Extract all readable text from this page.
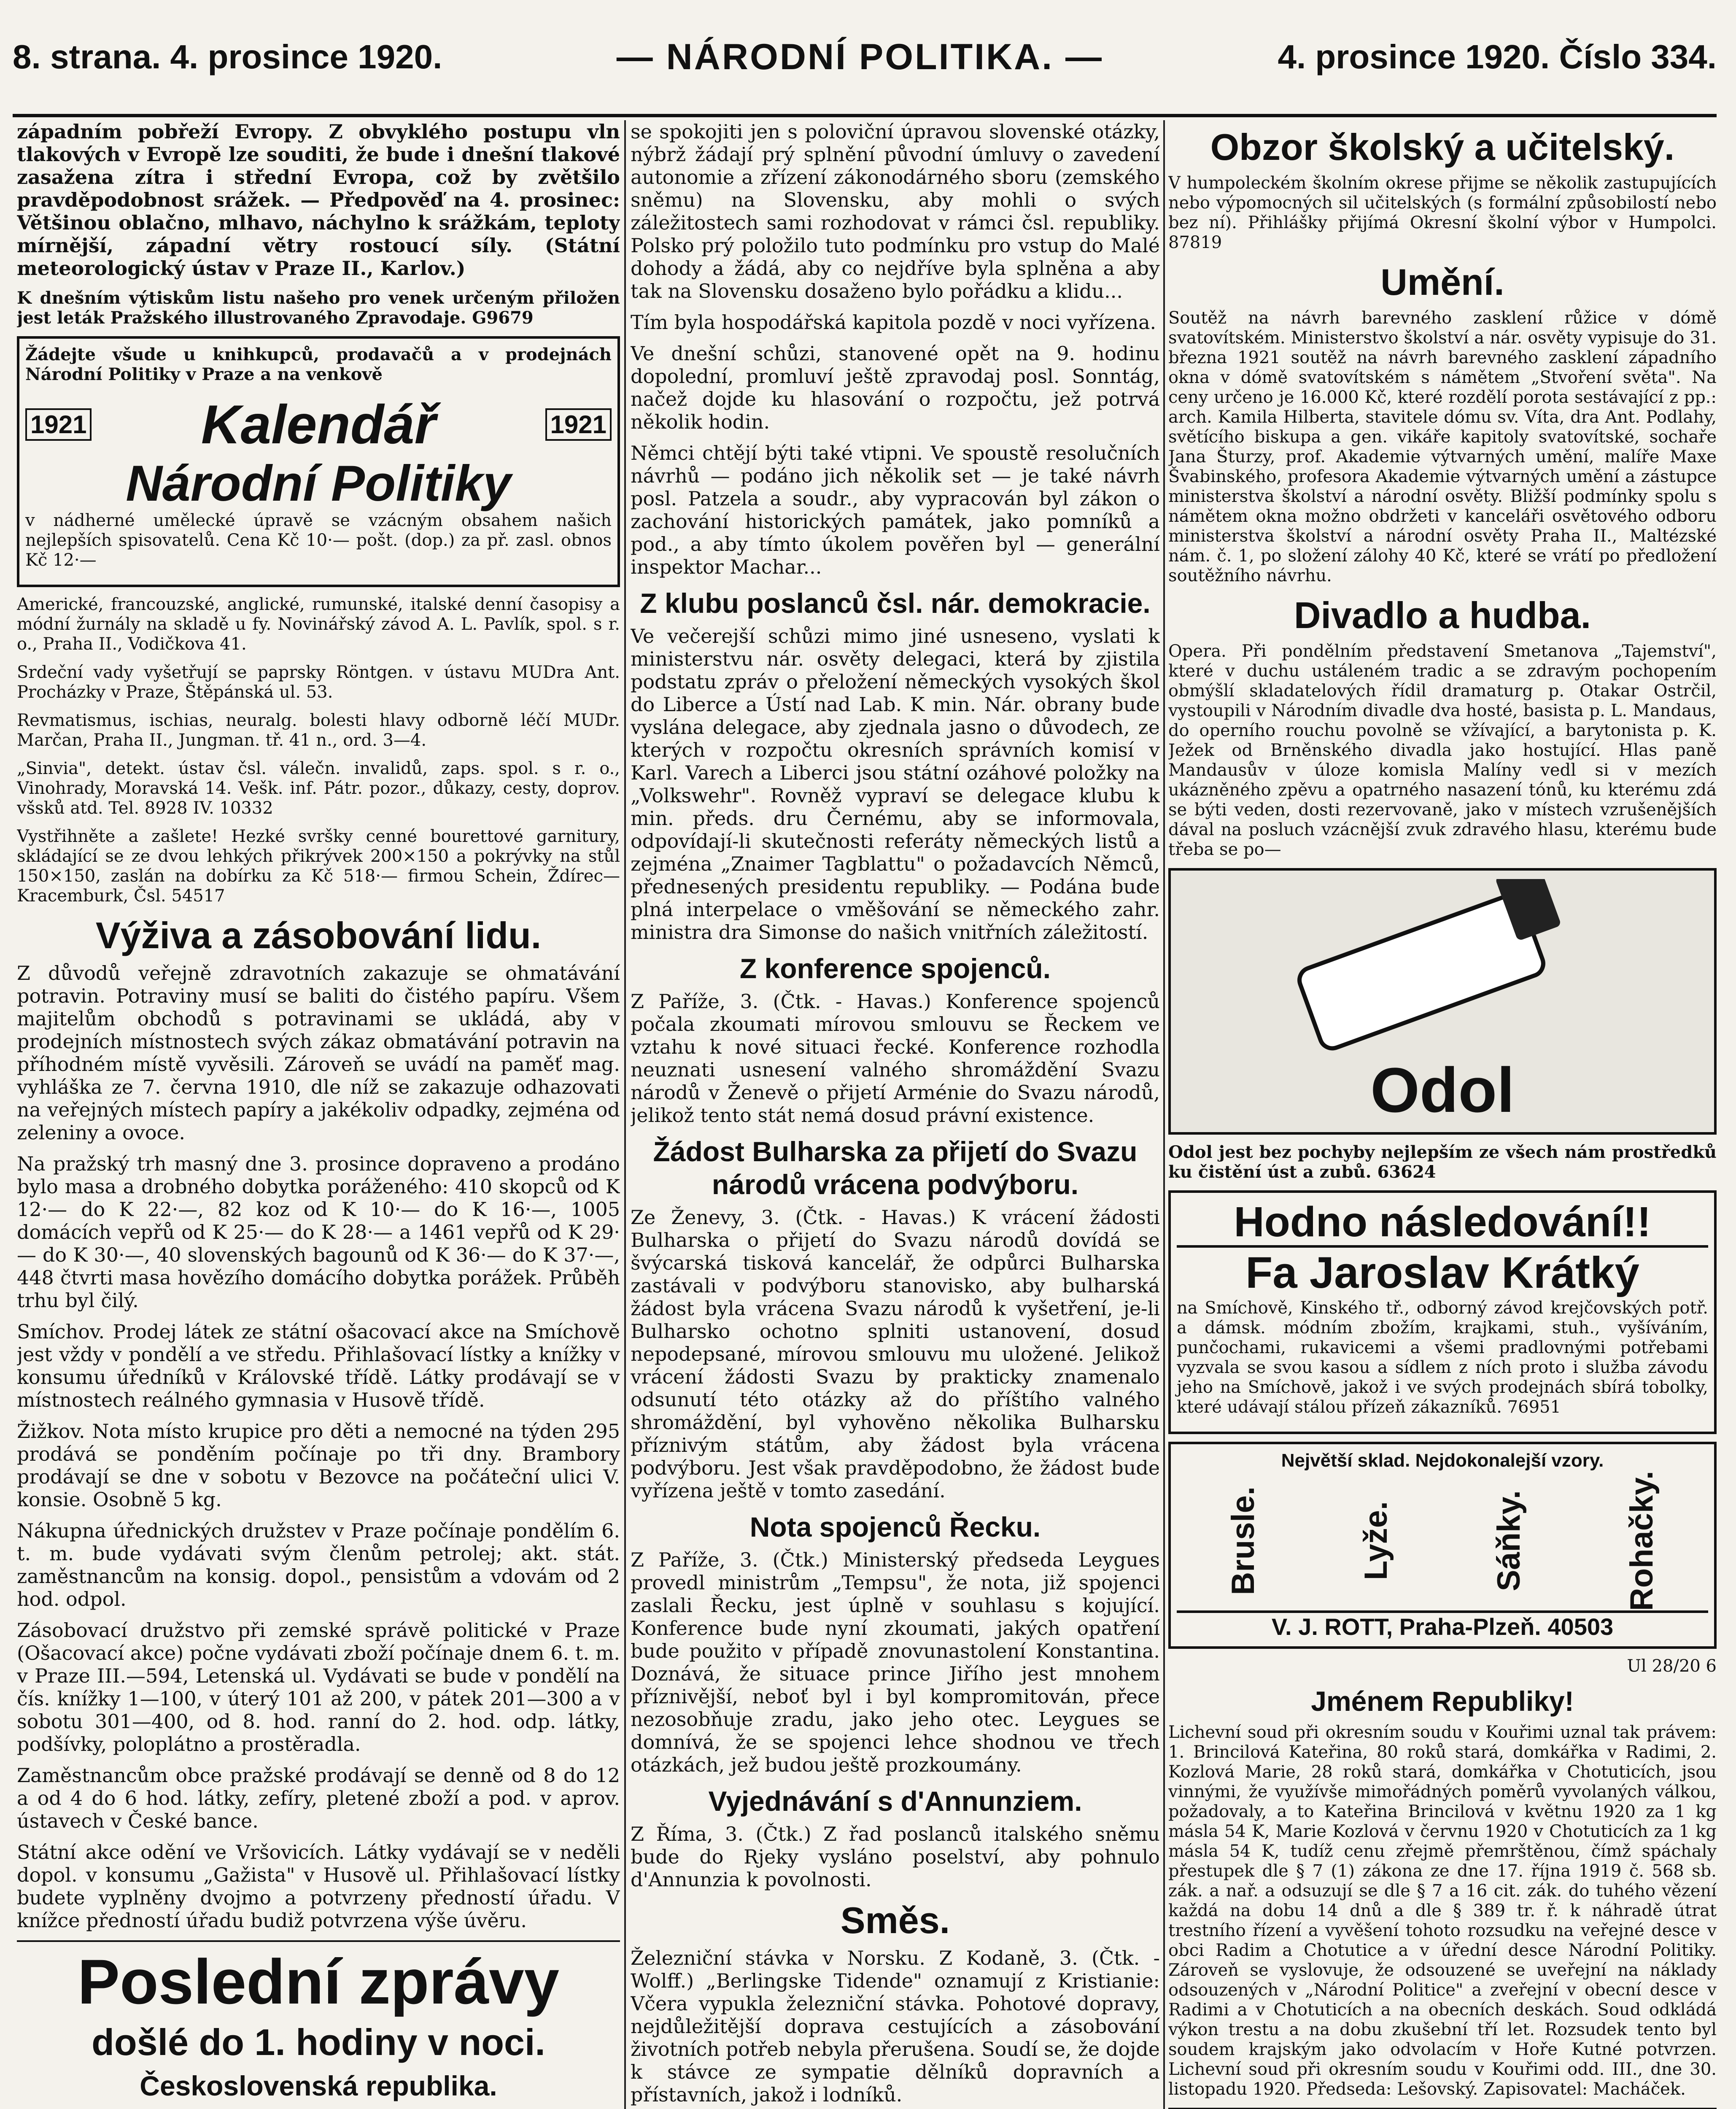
8. strana. 4. prosince 1920.	— NÁRODNÍ POLITIKA. —	4. prosince 1920. Číslo 334.

západním pobřeží Evropy. Z obvyklého postupu vln tlakových v Evropě lze souditi, že bude i dnešní tlakové zasažena zítra i střední Evropa, což by zvětšilo pravděpodobnost srážek. — Předpověď na 4. prosinec: Většinou oblačno, mlhavo, náchylno k srážkám, teploty mírnější, západní větry rostoucí síly. (Státní meteorologický ústav v Praze II., Karlov.)

K dnešním výtiskům listu našeho pro venek určeným přiložen jest leták Pražského illustrovaného Zpravodaje. G9679

Žádejte všude u knihkupců, prodavačů a v prodejnách Národní Politiky v Praze a na venkově

1921 Kalendář	1921
Národní Politiky

v nádherné umělecké úpravě se vzácným obsahem našich nejlepších spisovatelů. Cena Kč 10·— pošt. (dop.) za př. zasl. obnos Kč 12·—

Americké, francouzské, anglické, rumunské, italské denní časopisy a módní žurnály na skladě u fy. Novinářský závod A. L. Pavlík, spol. s r. o., Praha II., Vodičkova 41.

Srdeční vady vyšetřují se paprsky Röntgen. v ústavu MUDra Ant. Procházky v Praze, Štěpánská ul. 53.

Revmatismus, ischias, neuralg. bolesti hlavy odborně léčí MUDr. Marčan, Praha II., Jungman. tř. 41 n., ord. 3—4.

„Sinvia", detekt. ústav čsl. válečn. invalidů, zaps. spol. s r. o., Vinohrady, Moravská 14. Vešk. inf. Pátr. pozor., důkazy, cesty, doprov. všsků atd. Tel. 8928 IV. 10332

Vystřihněte a zašlete! Hezké svršky cenné bourettové garnitury, skládající se ze dvou lehkých přikrývek 200×150 a pokrývky na stůl 150×150, zaslán na dobírku za Kč 518·— firmou Schein, Ždírec—Kracemburk, Čsl. 54517

Výživa a zásobování lidu.

Z důvodů veřejně zdravotních zakazuje se ohmatávání potravin. Potraviny musí se baliti do čistého papíru. Všem majitelům obchodů s potravinami se ukládá, aby v prodejních místnostech svých zákaz obmatávání potravin na příhodném místě vyvěsili. Zároveň se uvádí na paměť mag. vyhláška ze 7. června 1910, dle níž se zakazuje odhazovati na veřejných místech papíry a jakékoliv odpadky, zejména od zeleniny a ovoce.

Na pražský trh masný dne 3. prosince dopraveno a prodáno bylo masa a drobného dobytka poráženého: 410 skopců od K 12·— do K 22·—, 82 koz od K 10·— do K 16·—, 1005 domácích vepřů od K 25·— do K 28·— a 1461 vepřů od K 29·— do K 30·—, 40 slovenských bagounů od K 36·— do K 37·—, 448 čtvrti masa hovězího domácího dobytka porážek. Průběh trhu byl čilý.

Smíchov. Prodej látek ze státní ošacovací akce na Smíchově jest vždy v pondělí a ve středu. Přihlašovací lístky a knížky v konsumu úředníků v Královské třídě. Látky prodávají se v místnostech reálného gymnasia v Husově třídě.

Žižkov. Nota místo krupice pro děti a nemocné na týden 295 prodává se ponděním počínaje po tři dny. Brambory prodávají se dne v sobotu v Bezovce na počáteční ulici V. konsie. Osobně 5 kg.

Nákupna úřednických družstev v Praze počínaje pondělím 6. t. m. bude vydávati svým členům petrolej; akt. stát. zaměstnancům na konsig. dopol., pensistům a vdovám od 2 hod. odpol.

Zásobovací družstvo při zemské správě politické v Praze (Ošacovací akce) počne vydávati zboží počínaje dnem 6. t. m. v Praze III.—594, Letenská ul. Vydávati se bude v pondělí na čís. knížky 1—100, v úterý 101 až 200, v pátek 201—300 a v sobotu 301—400, od 8. hod. ranní do 2. hod. odp. látky, podšívky, poloplátno a prostěradla.

Zaměstnancům obce pražské prodávají se denně od 8 do 12 a od 4 do 6 hod. látky, zefíry, pletené zboží a pod. v aprov. ústavech v České bance.

Státní akce odění ve Vršovicích. Látky vydávají se v neděli dopol. v konsumu „Gažista" v Husově ul. Přihlašovací lístky budete vyplněny dvojmo a potvrzeny předností úřadu. V knížce předností úřadu budiž potvrzena výše úvěru.

Poslední zprávy
došlé do 1. hodiny v noci.
Československá republika.

se spokojiti jen s poloviční úpravou slovenské otázky, nýbrž žádají prý splnění původní úmluvy o zavedení autonomie a zřízení zákonodárného sboru (zemského sněmu) na Slovensku, aby mohli o svých záležitostech sami rozhodovat v rámci čsl. republiky. Polsko prý položilo tuto podmínku pro vstup do Malé dohody a žádá, aby co nejdříve byla splněna a aby tak na Slovensku dosaženo bylo pořádku a klidu...

Tím byla hospodářská kapitola pozdě v noci vyřízena.

Ve dnešní schůzi, stanovené opět na 9. hodinu dopolední, promluví ještě zpravodaj posl. Sonntág, načež dojde ku hlasování o rozpočtu, jež potrvá několik hodin.

Němci chtějí býti také vtipni. Ve spoustě resolučních návrhů — podáno jich několik set — je také návrh posl. Patzela a soudr., aby vypracován byl zákon o zachování historických památek, jako pomníků a pod., a aby tímto úkolem pověřen byl — generální inspektor Machar...

Z klubu poslanců čsl. nár. demokracie.

Ve večerejší schůzi mimo jiné usneseno, vyslati k ministerstvu nár. osvěty delegaci, která by zjistila podstatu zpráv o přeložení německých vysokých škol do Liberce a Ústí nad Lab. K min. Nár. obrany bude vyslána delegace, aby zjednala jasno o důvodech, ze kterých v rozpočtu okresních správních komisí v Karl. Varech a Liberci jsou státní ozáhové položky na „Volkswehr". Rovněž vypraví se delegace klubu k min. předs. dru Černému, aby se informovala, odpovídají-li skutečnosti referáty německých listů a zejména „Znaimer Tagblattu" o požadavcích Němců, přednesených presidentu republiky. — Podána bude plná interpelace o vměšování se německého zahr. ministra dra Simonse do našich vnitřních záležitostí.

Z konference spojenců.

Z Paříže, 3. (Čtk. - Havas.) Konference spojenců počala zkoumati mírovou smlouvu se Řeckem ve vztahu k nové situaci řecké. Konference rozhodla neuznati usnesení valného shromáždění Svazu národů v Ženevě o přijetí Arménie do Svazu národů, jelikož tento stát nemá dosud právní existence.

Žádost Bulharska za přijetí do Svazu národů vrácena podvýboru.

Ze Ženevy, 3. (Čtk. - Havas.) K vrácení žádosti Bulharska o přijetí do Svazu národů dovídá se švýcarská tisková kancelář, že odpůrci Bulharska zastávali v podvýboru stanovisko, aby bulharská žádost byla vrácena Svazu národů k vyšetření, je-li Bulharsko ochotno splniti ustanovení, dosud nepodepsané, mírovou smlouvu mu uložené. Jelikož vrácení žádosti Svazu by prakticky znamenalo odsunutí této otázky až do příštího valného shromáždění, byl vyhověno několika Bulharsku příznivým státům, aby žádost byla vrácena podvýboru. Jest však pravděpodobno, že žádost bude vyřízena ještě v tomto zasedání.

Nota spojenců Řecku.

Z Paříže, 3. (Čtk.) Ministerský předseda Leygues provedl ministrům „Tempsu", že nota, již spojenci zaslali Řecku, jest úplně v souhlasu s kojující. Konference bude nyní zkoumati, jakých opatření bude použito v případě znovunastolení Konstantina. Doznává, že situace prince Jiřího jest mnohem příznivější, neboť byl i byl kompromitován, přece nezosobňuje zradu, jako jeho otec. Leygues se domnívá, že se spojenci lehce shodnou ve třech otázkách, jež budou ještě prozkoumány.

Vyjednávání s d'Annunziem.

Z Říma, 3. (Čtk.) Z řad poslanců italského sněmu bude do Rjeky vysláno poselství, aby pohnulo d'Annunzia k povolnosti.

Směs.

Železniční stávka v Norsku. Z Kodaně, 3. (Čtk. - Wolff.) „Berlingske Tidende" oznamují z Kristianie: Včera vypukla železniční stávka. Pohotové dopravy, nejdůležitější doprava cestujících a zásobování životních potřeb nebyla přerušena. Soudí se, že dojde k stávce ze sympatie dělníků dopravních a přístavních, jakož i lodníků.

Obzor školský a učitelský.

V humpoleckém školním okrese přijme se několik zastupujících nebo výpomocných sil učitelských (s formální způsobilostí nebo bez ní). Přihlášky přijímá Okresní školní výbor v Humpolci. 87819

Umění.

Soutěž na návrh barevného zasklení růžice v dómě svatovítském. Ministerstvo školství a nár. osvěty vypisuje do 31. března 1921 soutěž na návrh barevného zasklení západního okna v dómě svatovítském s námětem „Stvoření světa". Na ceny určeno je 16.000 Kč, které rozdělí porota sestávající z pp.: arch. Kamila Hilberta, stavitele dómu sv. Víta, dra Ant. Podlahy, světícího biskupa a gen. vikáře kapitoly svatovítské, sochaře Jana Šturzy, prof. Akademie výtvarných umění, malíře Maxe Švabinského, profesora Akademie výtvarných umění a zástupce ministerstva školství a národní osvěty. Bližší podmínky spolu s námětem okna možno obdržeti v kanceláři osvětového odboru ministerstva školství a národní osvěty Praha II., Maltézské nám. č. 1, po složení zálohy 40 Kč, které se vrátí po předložení soutěžního návrhu.

Divadlo a hudba.

Opera. Při pondělním představení Smetanova „Tajemství", které v duchu ustáleném tradic a se zdravým pochopením obmýšlí skladatelových řídil dramaturg p. Otakar Ostrčil, vystoupili v Národním divadle dva hosté, basista p. L. Mandaus, do operního rouchu povolně se vžívající, a barytonista p. K. Ježek od Brněnského divadla jako hostující. Hlas paně Mandausův v úloze komisla Malíny vedl si v mezích ukázněného zpěvu a opatrného nasazení tónů, ku kterému zdá se býti veden, dosti rezervovaně, jako v místech vzrušenějších dával na posluch vzácnější zvuk zdravého hlasu, kterému bude třeba se po—

Odol

Odol jest bez pochyby nejlepším ze všech nám prostředků ku čistění úst a zubů. 63624

Hodno následování!!
Fa Jaroslav Krátký

na Smíchově, Kinského tř., odborný závod krejčovských potř. a dámsk. módním zbožím, krajkami, stuh., vyšíváním, punčochami, rukavicemi a všemi pradlovnými potřebami vyzvala se svou kasou a sídlem z ních proto i služba závodu jeho na Smíchově, jakož i ve svých prodejnách sbírá tobolky, které udávají stálou přízeň zákazníků. 76951

Největší sklad. Nejdokonalejší vzory.
Brusle.	Lyže.	Sáňky.	Rohačky.
V. J. ROTT, Praha-Plzeň. 40503

Ul 28/20 6

Jménem Republiky!

Lichevní soud při okresním soudu v Kouřimi uznal tak právem: 1. Brincilová Kateřina, 80 roků stará, domkářka v Radimi, 2. Kozlová Marie, 28 roků stará, domkářka v Chotuticích, jsou vinnými, že využívše mimořádných poměrů vyvolaných válkou, požadovaly, a to Kateřina Brincilová v květnu 1920 za 1 kg másla 54 K, Marie Kozlová v červnu 1920 v Chotuticích za 1 kg másla 54 K, tudíž cenu zřejmě přemrštěnou, čímž spáchaly přestupek dle § 7 (1) zákona ze dne 17. října 1919 č. 568 sb. zák. a nař. a odsuzují se dle § 7 a 16 cit. zák. do tuhého vězení každá na dobu 14 dnů a dle § 389 tr. ř. k náhradě útrat trestního řízení a vyvěšení tohoto rozsudku na veřejné desce v obci Radim a Chotutice a v úřední desce Národní Politiky. Zároveň se vyslovuje, že odsouzené se uveřejní na náklady odsouzených v „Národní Politice" a zveřejní v obecní desce v Radimi a v Chotuticích a na obecních deskách. Soud odkládá výkon trestu a na dobu zkušební tří let. Rozsudek tento byl soudem krajským jako odvolacím v Hoře Kutné potvrzen. Lichevní soud při okresním soudu v Kouřimi odd. III., dne 30. listopadu 1920. Předseda: Lešovský. Zapisovatel: Macháček.
